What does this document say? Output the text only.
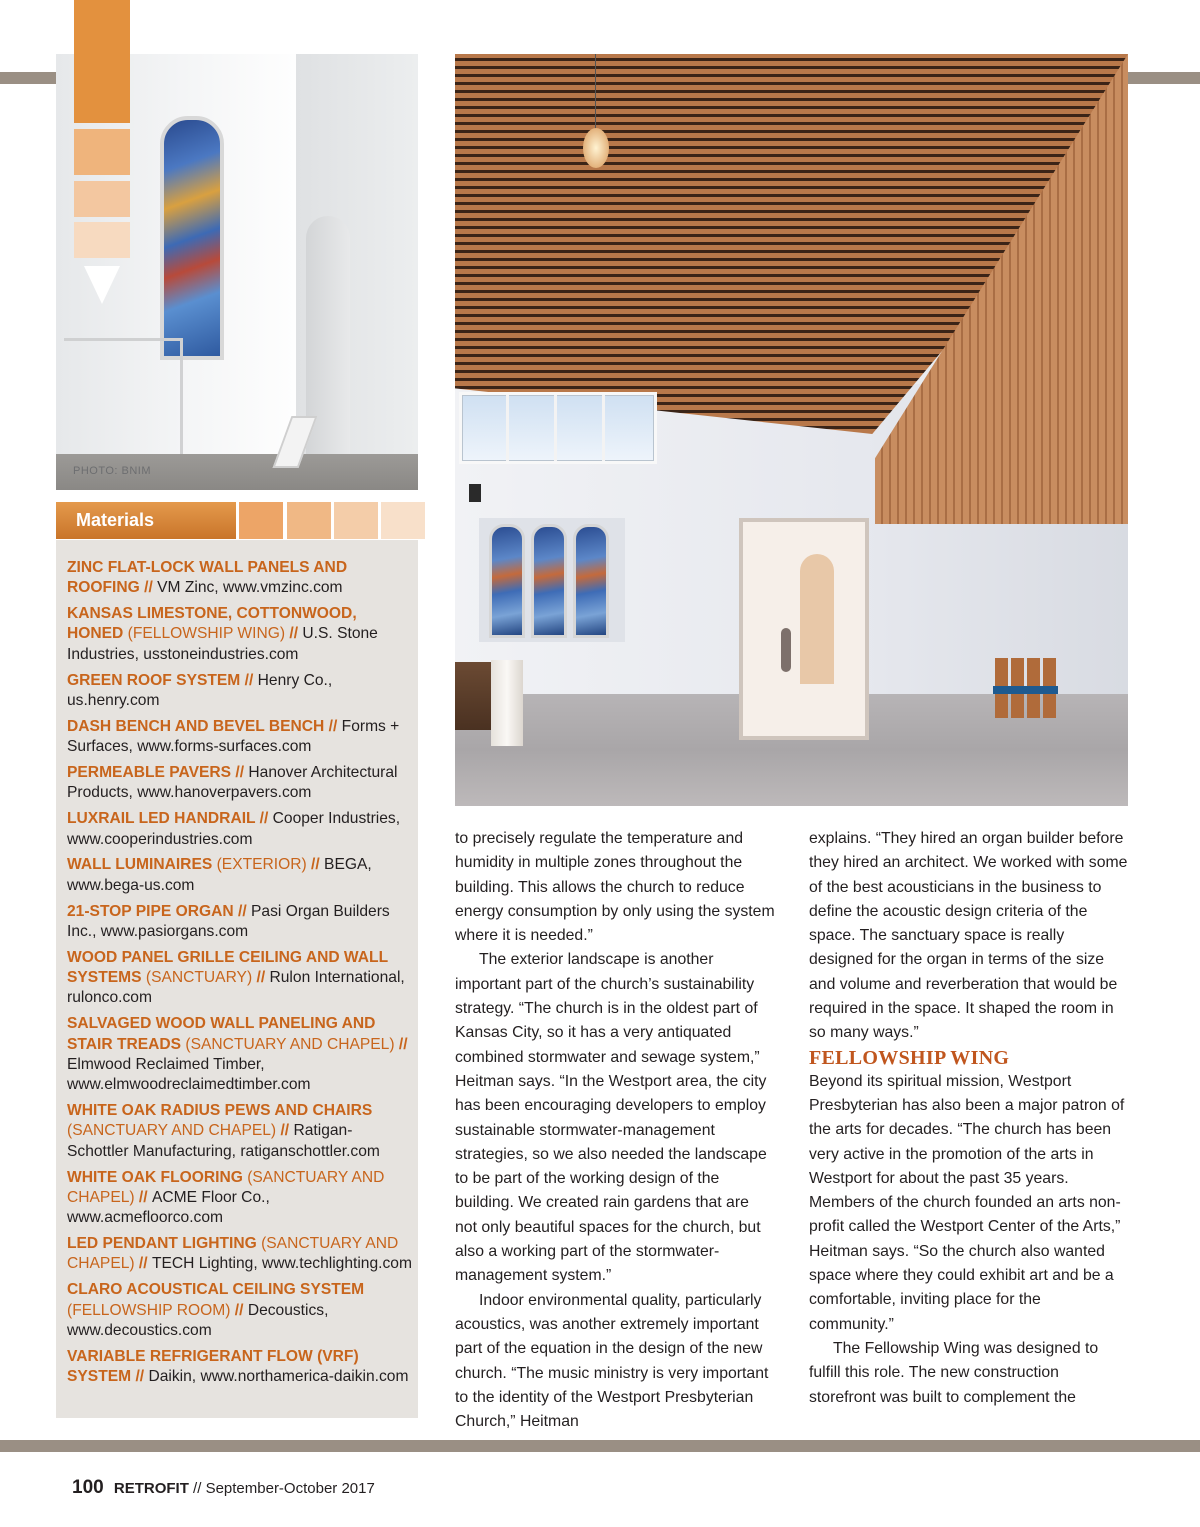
PHOTO: BNIM
Materials
ZINC FLAT-LOCK WALL PANELS AND ROOFING // VM Zinc, www.vmzinc.com
KANSAS LIMESTONE, COTTONWOOD, HONED (FELLOWSHIP WING) // U.S. Stone Industries, usstoneindustries.com
GREEN ROOF SYSTEM // Henry Co., us.henry.com
DASH BENCH AND BEVEL BENCH // Forms + Surfaces, www.forms-surfaces.com
PERMEABLE PAVERS // Hanover Architectural Products, www.hanoverpavers.com
LUXRAIL LED HANDRAIL // Cooper Industries, www.cooperindustries.com
WALL LUMINAIRES (EXTERIOR) // BEGA, www.bega-us.com
21-STOP PIPE ORGAN // Pasi Organ Builders Inc., www.pasiorgans.com
WOOD PANEL GRILLE CEILING AND WALL SYSTEMS (SANCTUARY) // Rulon International, rulonco.com
SALVAGED WOOD WALL PANELING AND STAIR TREADS (SANCTUARY AND CHAPEL) // Elmwood Reclaimed Timber, www.elmwoodreclaimedtimber.com
WHITE OAK RADIUS PEWS AND CHAIRS (SANCTUARY AND CHAPEL) // Ratigan-Schottler Manufacturing, ratiganschottler.com
WHITE OAK FLOORING (SANCTUARY AND CHAPEL) // ACME Floor Co., www.acmefloorco.com
LED PENDANT LIGHTING (SANCTUARY AND CHAPEL) // TECH Lighting, www.techlighting.com
CLARO ACOUSTICAL CEILING SYSTEM (FELLOWSHIP ROOM) // Decoustics, www.decoustics.com
VARIABLE REFRIGERANT FLOW (VRF) SYSTEM // Daikin, www.northamerica-daikin.com

to precisely regulate the temperature and humidity in multiple zones throughout the building. This allows the church to reduce energy consumption by only using the system where it is needed.”

The exterior landscape is another important part of the church’s sustainability strategy. “The church is in the oldest part of Kansas City, so it has a very antiquated combined stormwater and sewage system,” Heitman says. “In the Westport area, the city has been encouraging developers to employ sustainable stormwater-management strategies, so we also needed the landscape to be part of the working design of the building. We created rain gardens that are not only beautiful spaces for the church, but also a working part of the stormwater-management system.”

Indoor environmental quality, particularly acoustics, was another extremely important part of the equation in the design of the new church. “The music ministry is very important to the identity of the Westport Presbyterian Church,” Heitman

explains. “They hired an organ builder before they hired an architect. We worked with some of the best acousticians in the business to define the acoustic design criteria of the space. The sanctuary space is really designed for the organ in terms of the size and volume and reverberation that would be required in the space. It shaped the room in so many ways.”

FELLOWSHIP WING

Beyond its spiritual mission, Westport Presbyterian has also been a major patron of the arts for decades. “The church has been very active in the promotion of the arts in Westport for about the past 35 years. Members of the church founded an arts non-profit called the Westport Center of the Arts,” Heitman says. “So the church also wanted space where they could exhibit art and be a comfortable, inviting place for the community.”

The Fellowship Wing was designed to fulfill this role. The new construction storefront was built to complement the

100 RETROFIT // September-October 2017
